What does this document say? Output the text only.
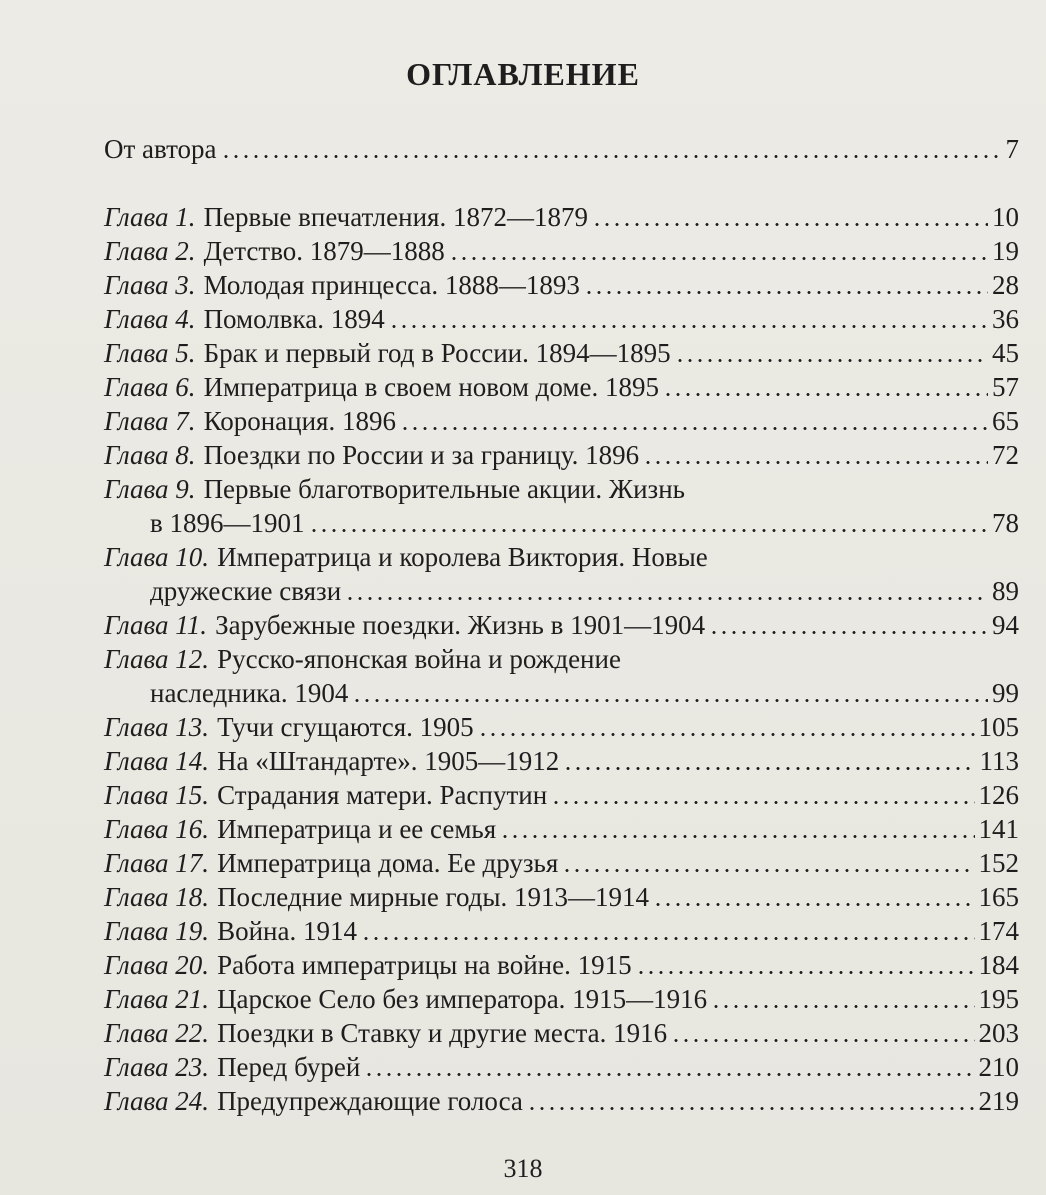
ОГЛАВЛЕНИЕ
От автора	7
Глава 1. Первые впечатления. 1872—1879	10
Глава 2. Детство. 1879—1888	19
Глава 3. Молодая принцесса. 1888—1893	28
Глава 4. Помолвка. 1894	36
Глава 5. Брак и первый год в России. 1894—1895	45
Глава 6. Императрица в своем новом доме. 1895	57
Глава 7. Коронация. 1896	65
Глава 8. Поездки по России и за границу. 1896	72
Глава 9. Первые благотворительные акции. Жизнь
в 1896—1901	78
Глава 10. Императрица и королева Виктория. Новые
дружеские связи	89
Глава 11. Зарубежные поездки. Жизнь в 1901—1904	94
Глава 12. Русско-японская война и рождение
наследника. 1904	99
Глава 13. Тучи сгущаются. 1905	105
Глава 14. На «Штандарте». 1905—1912	113
Глава 15. Страдания матери. Распутин	126
Глава 16. Императрица и ее семья	141
Глава 17. Императрица дома. Ее друзья	152
Глава 18. Последние мирные годы. 1913—1914	165
Глава 19. Война. 1914	174
Глава 20. Работа императрицы на войне. 1915	184
Глава 21. Царское Село без императора. 1915—1916	195
Глава 22. Поездки в Ставку и другие места. 1916	203
Глава 23. Перед бурей	210
Глава 24. Предупреждающие голоса	219
318
